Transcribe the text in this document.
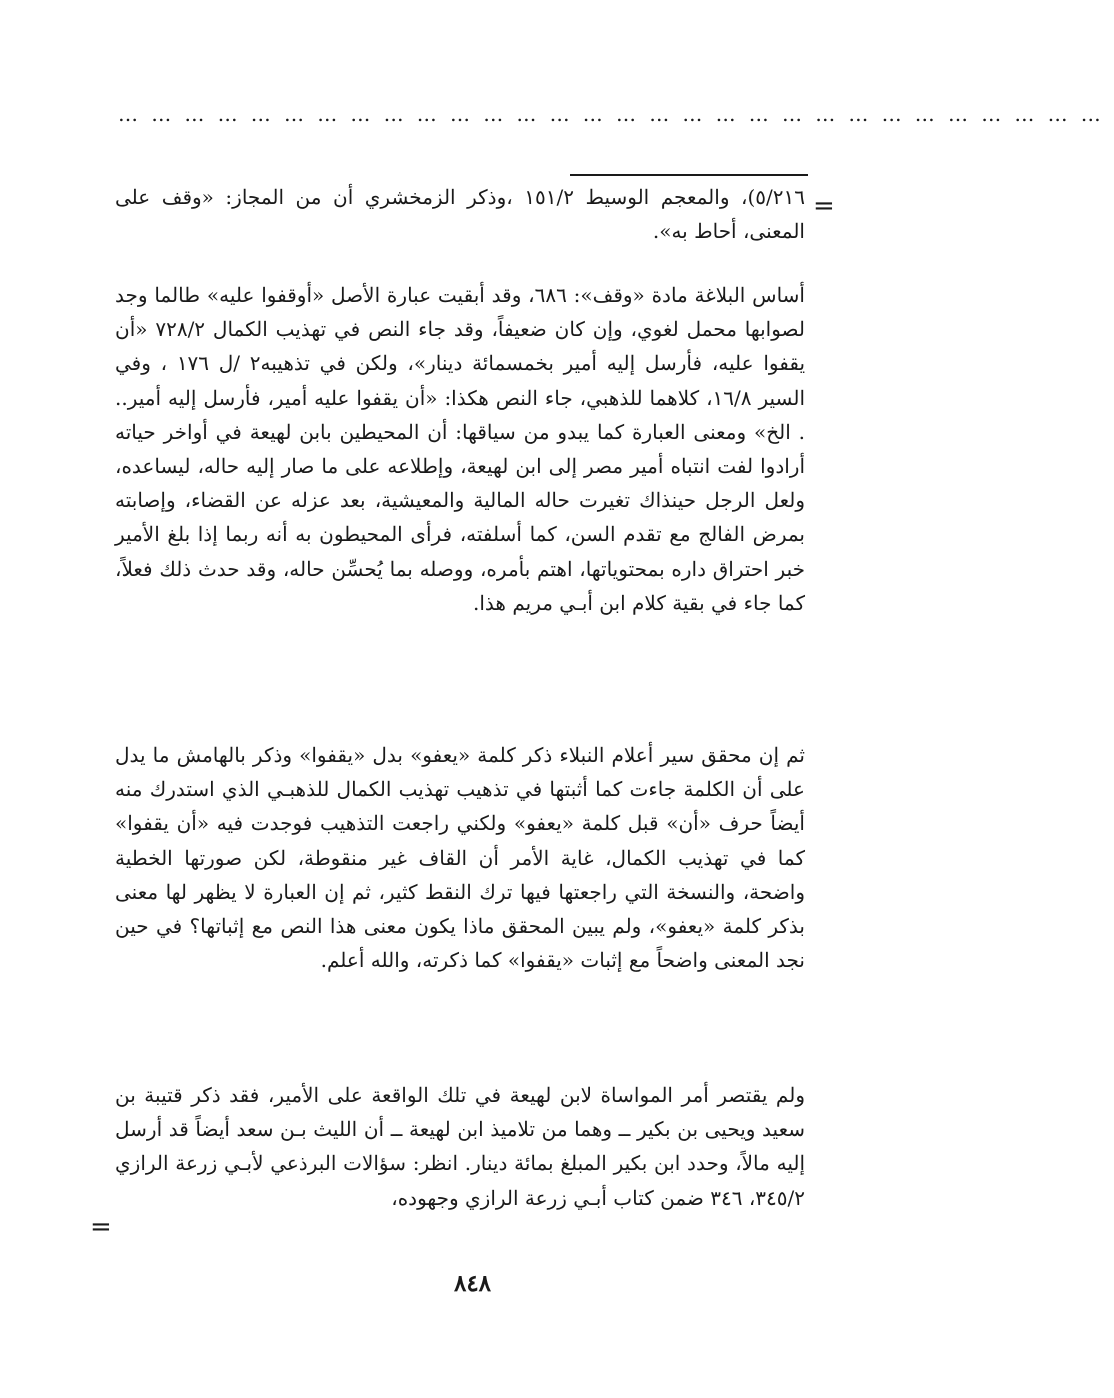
………………………………………………………………………………
=

٥/٢١٦)، والمعجم الوسيط ١٥١/٢ ،وذكر الزمخشري أن من المجاز: «وقف على المعنى، أحاط به».

أساس البلاغة مادة «وقف»: ٦٨٦، وقد أبقيت عبارة الأصل «أوقفوا عليه» طالما وجد لصوابها محمل لغوي، وإن كان ضعيفاً، وقد جاء النص في تهذيب الكمال ٧٢٨/٢ «أن يقفوا عليه، فأرسل إليه أمير بخمسمائة دينار»، ولكن في تذهيبه٢ /ل ١٧٦ ، وفي السير ١٦/٨، كلاهما للذهبي، جاء النص هكذا: «أن يقفوا عليه أمير، فأرسل إليه أمير.. . الخ» ومعنى العبارة كما يبدو من سياقها: أن المحيطين بابن لهيعة في أواخر حياته أرادوا لفت انتباه أمير مصر إلى ابن لهيعة، وإطلاعه على ما صار إليه حاله، ليساعده، ولعل الرجل حينذاك تغيرت حاله المالية والمعيشية، بعد عزله عن القضاء، وإصابته بمرض الفالج مع تقدم السن، كما أسلفته، فرأى المحيطون به أنه ربما إذا بلغ الأمير خبر احتراق داره بمحتوياتها، اهتم بأمره، ووصله بما يُحسِّن حاله، وقد حدث ذلك فعلاً، كما جاء في بقية كلام ابن أبـي مريم هذا.

ثم إن محقق سير أعلام النبلاء ذكر كلمة «يعفو» بدل «يقفوا» وذكر بالهامش ما يدل على أن الكلمة جاءت كما أثبتها في تذهيب تهذيب الكمال للذهبـي الذي استدرك منه أيضاً حرف «أن» قبل كلمة «يعفو» ولكني راجعت التذهيب فوجدت فيه «أن يقفوا» كما في تهذيب الكمال، غاية الأمر أن القاف غير منقوطة، لكن صورتها الخطية واضحة، والنسخة التي راجعتها فيها ترك النقط كثير، ثم إن العبارة لا يظهر لها معنى بذكر كلمة «يعفو»، ولم يبين المحقق ماذا يكون معنى هذا النص مع إثباتها؟ في حين نجد المعنى واضحاً مع إثبات «يقفوا» كما ذكرته، والله أعلم.

ولم يقتصر أمر المواساة لابن لهيعة في تلك الواقعة على الأمير، فقد ذكر قتيبة بن سعيد ويحيى بن بكير ــ وهما من تلاميذ ابن لهيعة ــ أن الليث بـن سعد أيضاً قد أرسل إليه مالاً، وحدد ابن بكير المبلغ بمائة دينار. انظر: سؤالات البرذعي لأبـي زرعة الرازي ٣٤٥/٢، ٣٤٦ ضمن كتاب أبـي زرعة الرازي وجهوده،

=
٨٤٨
